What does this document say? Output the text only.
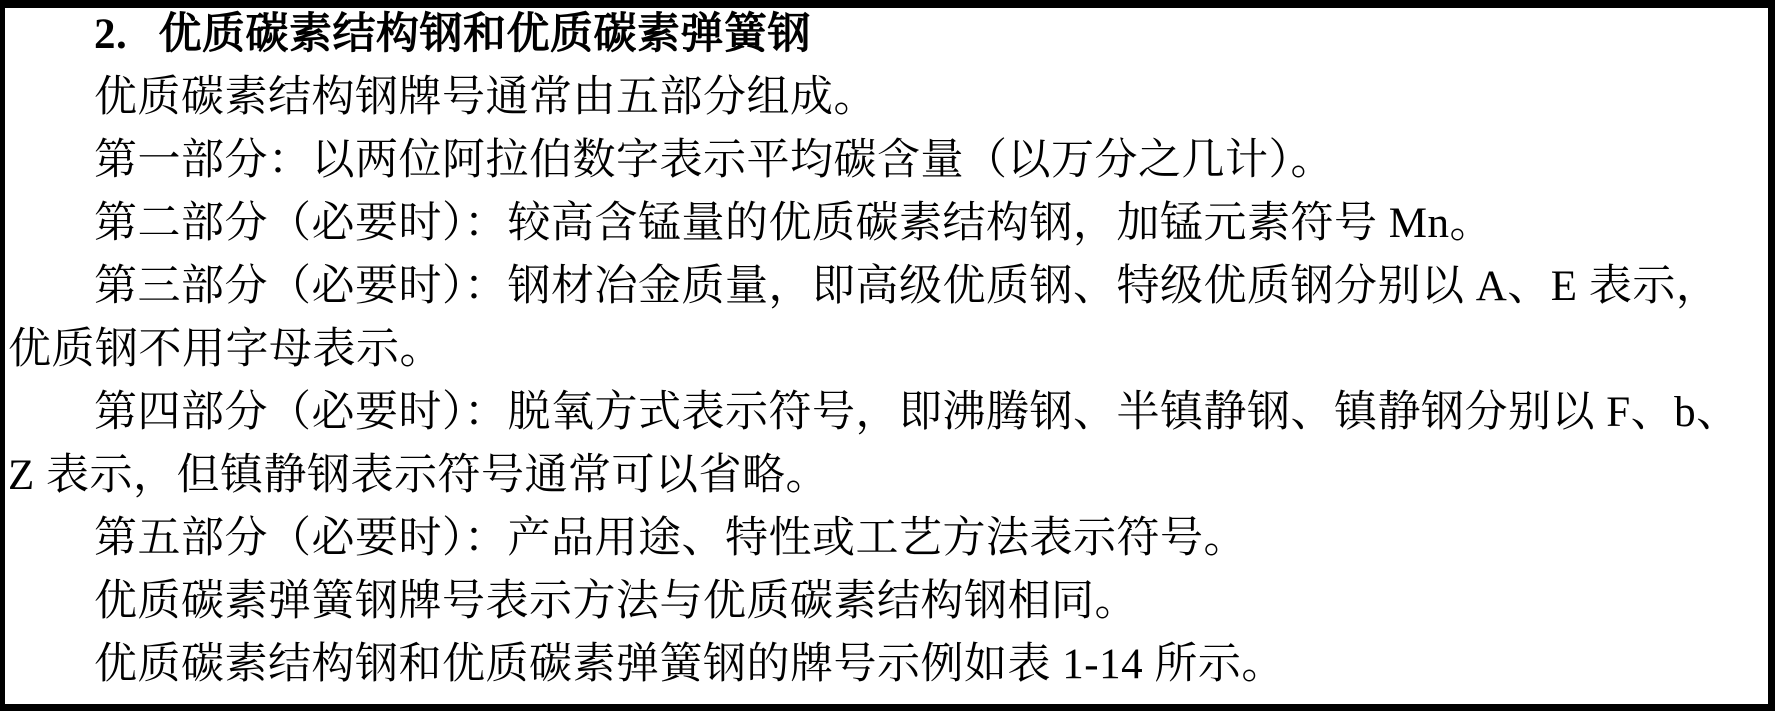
2. 优质碳素结构钢和优质碳素弹簧钢

优质碳素结构钢牌号通常由五部分组成。

第一部分：以两位阿拉伯数字表示平均碳含量（以万分之几计）。

第二部分（必要时）：较高含锰量的优质碳素结构钢，加锰元素符号 Mn。

第三部分（必要时）：钢材冶金质量，即高级优质钢、特级优质钢分别以 A、E 表示，

优质钢不用字母表示。

第四部分（必要时）：脱氧方式表示符号，即沸腾钢、半镇静钢、镇静钢分别以 F、b、

Z 表示，但镇静钢表示符号通常可以省略。

第五部分（必要时）：产品用途、特性或工艺方法表示符号。

优质碳素弹簧钢牌号表示方法与优质碳素结构钢相同。

优质碳素结构钢和优质碳素弹簧钢的牌号示例如表 1-14 所示。
